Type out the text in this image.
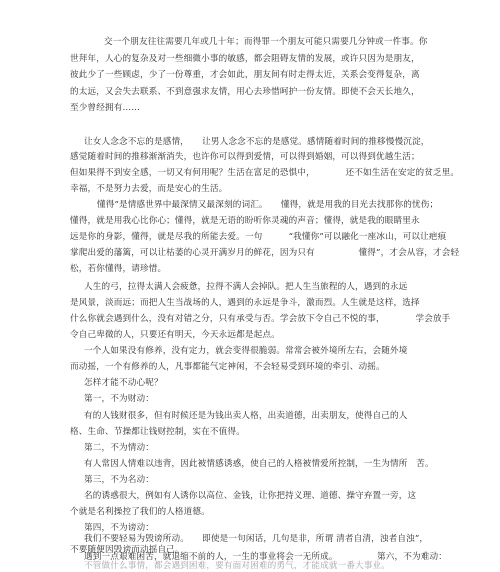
交一个朋友往往需要几年或几十年；而得罪一个朋友可能只需要几分钟或一件事。你

世拜年，人心的复杂及对一些细微小事的敏感，都会阻碍友情的发展，或许只因为是朋友，

彼此少了一些顾虑，少了一份尊重，才会如此，朋友间有时走得太近，关系会变得复杂，离

的太远，又会失去联系、不到意强求友情，用心去珍惜呵护一份友情。即使不会天长地久，

至少曾经拥有……

让女人念念不忘的是感情，　　让男人念念不忘的是感觉。感情随着时间的推移慢慢沉淀，

感觉随着时间的推移渐渐消失，也许你可以得到爱情，可以得到婚姻，可以得到优越生活；

但如果得不到安全感，一切又有何用呢？生活在富足的恐惧中，　　　　还不如生活在安定的贫乏里。

幸福，不是努力去爱，而是安心的生活。

懂得”是情感世界中最深情又最深刻的词汇。　　懂得，就是用我的目光去找那你的忧伤；

懂得，就是用我心比你心；懂得，就是无语的盼听你灵魂的声音；懂得，就是我的眼睛里永

远是你的身影，懂得，就是尽我的所能去爱。一句　　　“我懂你”可以融化一座冰山，可以让疤痕

掌爬出爱的藩篱，可以让枯萎的心灵开满岁月的鲜花，因为只有　　　　　懂得”，才会从容，才会轻

松，若你懂得，请珍惜。

人生的弓，拉得太满人会疲惫，拉得不满人会掉队。把人生当旅程的人，遇到的永远

是风景，淡而远；而把人生当战场的人，遇到的永远是争斗，激而烈。人生就是这样，选择

什么你就会遇到什么，没有对错之分，只有承受与否。学会放下令自己不悦的事，　　　　学会放手

令自己卑微的人，只要还有明天，今天永远都是起点。

一个人如果没有修养，没有定力，就会变得很脆弱。常常会被外境所左右，会随外境

而动摇，一个有修养的人，凡事都能气定神闲，不会轻易受到环境的牵引、动摇。

怎样才能不动心呢？

第一，不为财动：

有的人钱财很多，但有时候还是为钱出卖人格，出卖道德，出卖朋友，使得自己的人

格、生命、节操都让钱财控制，实在不值得。

第二，不为情动：

有人常因人情难以违背，因此被情感诱惑，使自己的人格被情爱所控制，一生为情所　苦。

第三，不为名动：

名的诱惑很大，例如有人诱你以高位、金钱，让你把持义理、道德、操守弃置一旁，这

个就是名利操控了我们的人格道德。

第四，不为谤动：

我们不要轻易为毁谤所动。　　即使是一句闲话，几句是非，所谓 清者自清，浊者自浊”，

不要随便因毁谤而动摇自己。

遇到一点艰难困苦，就退缩不前的人，一生的事业将会一无所成。　　　　　第六，不为难动：

不管做什么事情，都会遇到困难，要有面对困难的勇气，才能成就一番大事业。
